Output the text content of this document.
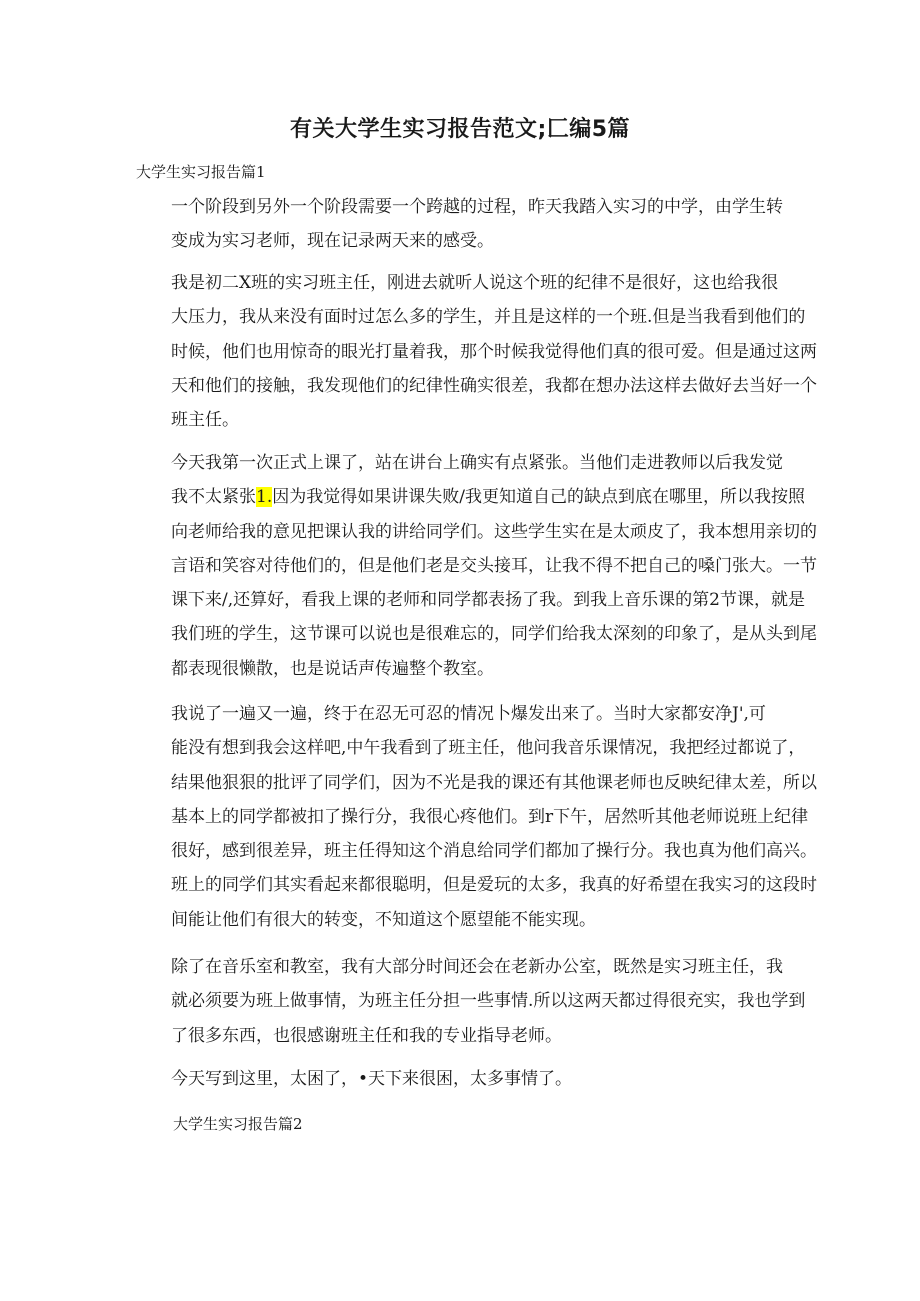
有关大学生实习报告范文;匚编5篇

大学生实习报告篇1

一个阶段到另外一个阶段需要一个跨越的过程，昨天我踏入实习的中学，由学生转
变成为实习老师，现在记录两天来的感受。

我是初二X班的实习班主任，刚进去就听人说这个班的纪律不是很好，这也给我很
大压力，我从来没有面时过怎么多的学生，并且是这样的一个班.但是当我看到他们的
时候，他们也用惊奇的眼光打量着我，那个时候我觉得他们真的很可爱。但是通过这两
天和他们的接触，我发现他们的纪律性确实很差，我都在想办法这样去做好去当好一个
班主任。

今天我第一次正式上课了，站在讲台上确实有点紧张。当他们走进教师以后我发觉
我不太紧张1.因为我觉得如果讲课失败/我更知道自己的缺点到底在哪里，所以我按照
向老师给我的意见把课认我的讲给同学们。这些学生实在是太顽皮了，我本想用亲切的
言语和笑容对待他们的，但是他们老是交头接耳，让我不得不把自己的嗓门张大。一节
课下来/,还算好，看我上课的老师和同学都表扬了我。到我上音乐课的第2节课，就是
我们班的学生，这节课可以说也是很难忘的，同学们给我太深刻的印象了，是从头到尾
都表现很懒散，也是说话声传遍整个教室。

我说了一遍又一遍，终于在忍无可忍的情况卜爆发出来了。当时大家都安净J',可
能没有想到我会这样吧,中午我看到了班主任，他问我音乐课情况，我把经过都说了，
结果他狠狠的批评了同学们，因为不光是我的课还有其他课老师也反映纪律太差，所以
基本上的同学都被扣了操行分，我很心疼他们。到r下午，居然听其他老师说班上纪律
很好，感到很差异，班主任得知这个消息给同学们都加了操行分。我也真为他们高兴。
班上的同学们其实看起来都很聪明，但是爱玩的太多，我真的好希望在我实习的这段时
间能让他们有很大的转变，不知道这个愿望能不能实现。

除了在音乐室和教室，我有大部分时间还会在老新办公室，既然是实习班主任，我
就必须要为班上做事情，为班主任分担一些事情.所以这两天都过得很充实，我也学到
了很多东西，也很感谢班主任和我的专业指导老师。

今天写到这里，太困了，•天下来很困，太多事情了。

大学生实习报告篇2
